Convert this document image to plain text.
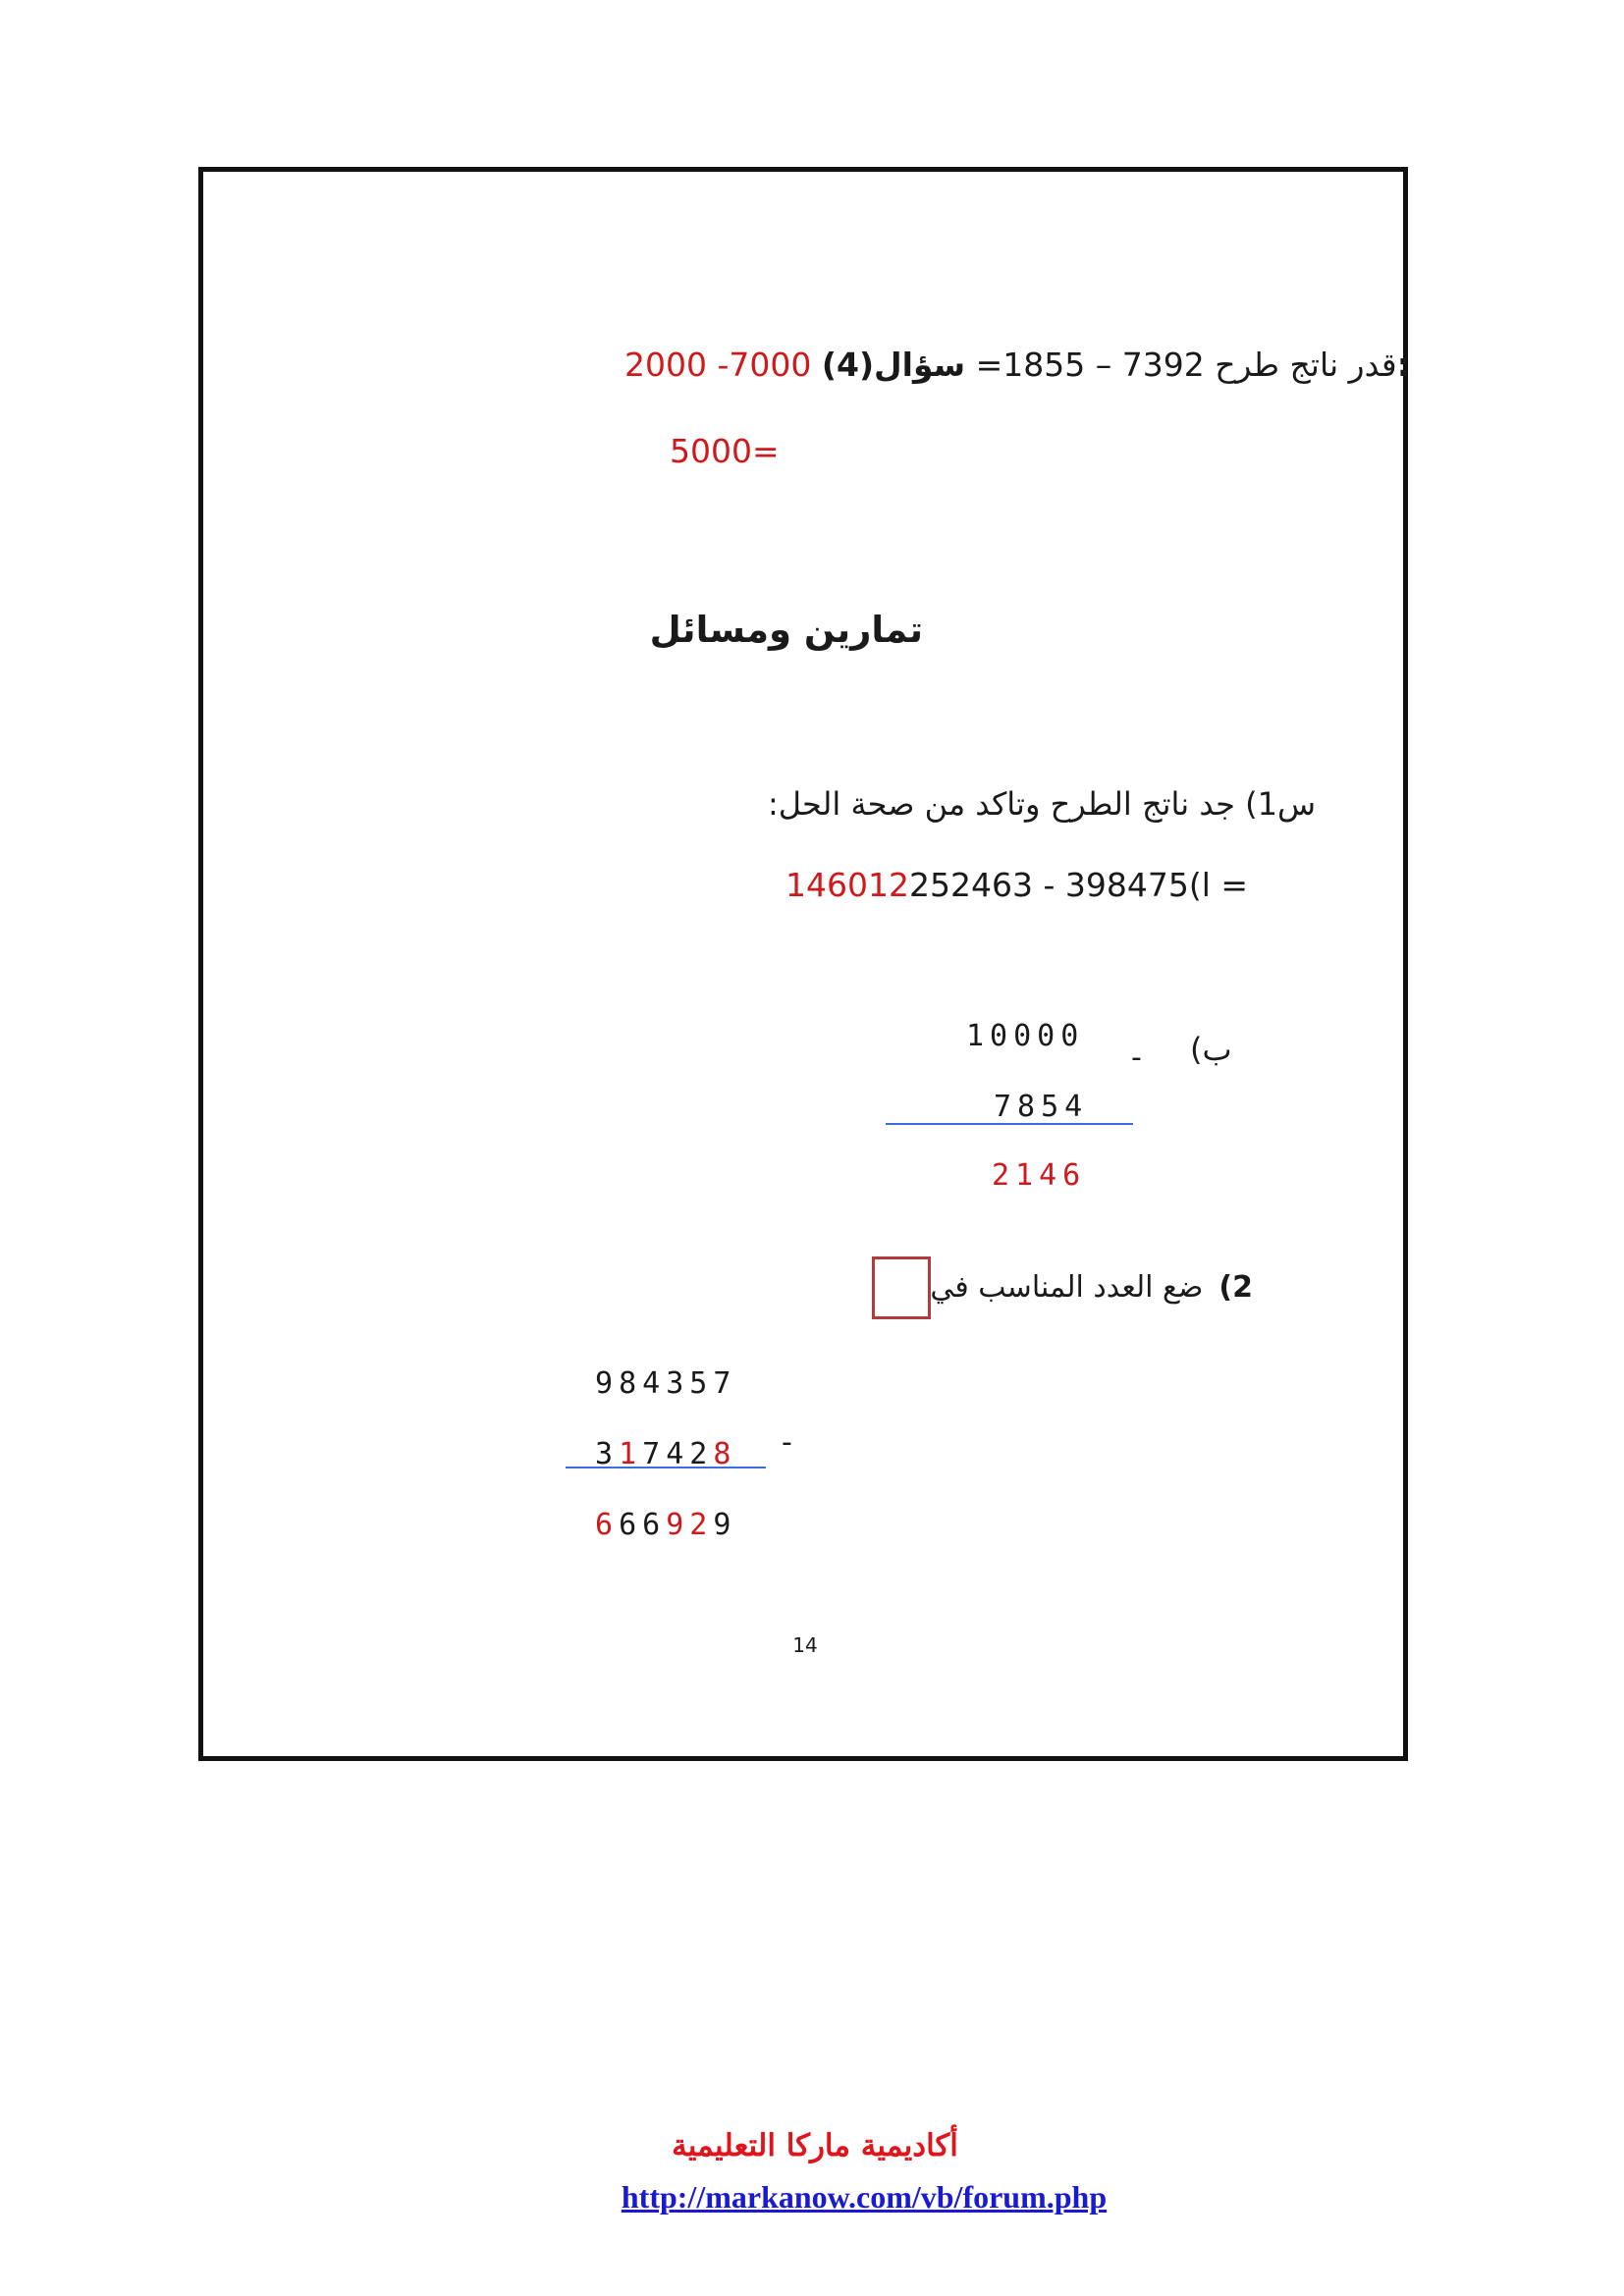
2000 -7000 قدر ناتج طرح 7392 – 1855= سؤال(4):
5000=
تمارين ومسائل
س1) جد ناتج الطرح وتاكد من صحة الحل:
146012ا)398475 - 252463 =
ب)
-
10000
7854
2146
2)ضع العدد المناسب في
984357
317428 -
666929
14
أكاديمية ماركا التعليمية
http://markanow.com/vb/forum.php
